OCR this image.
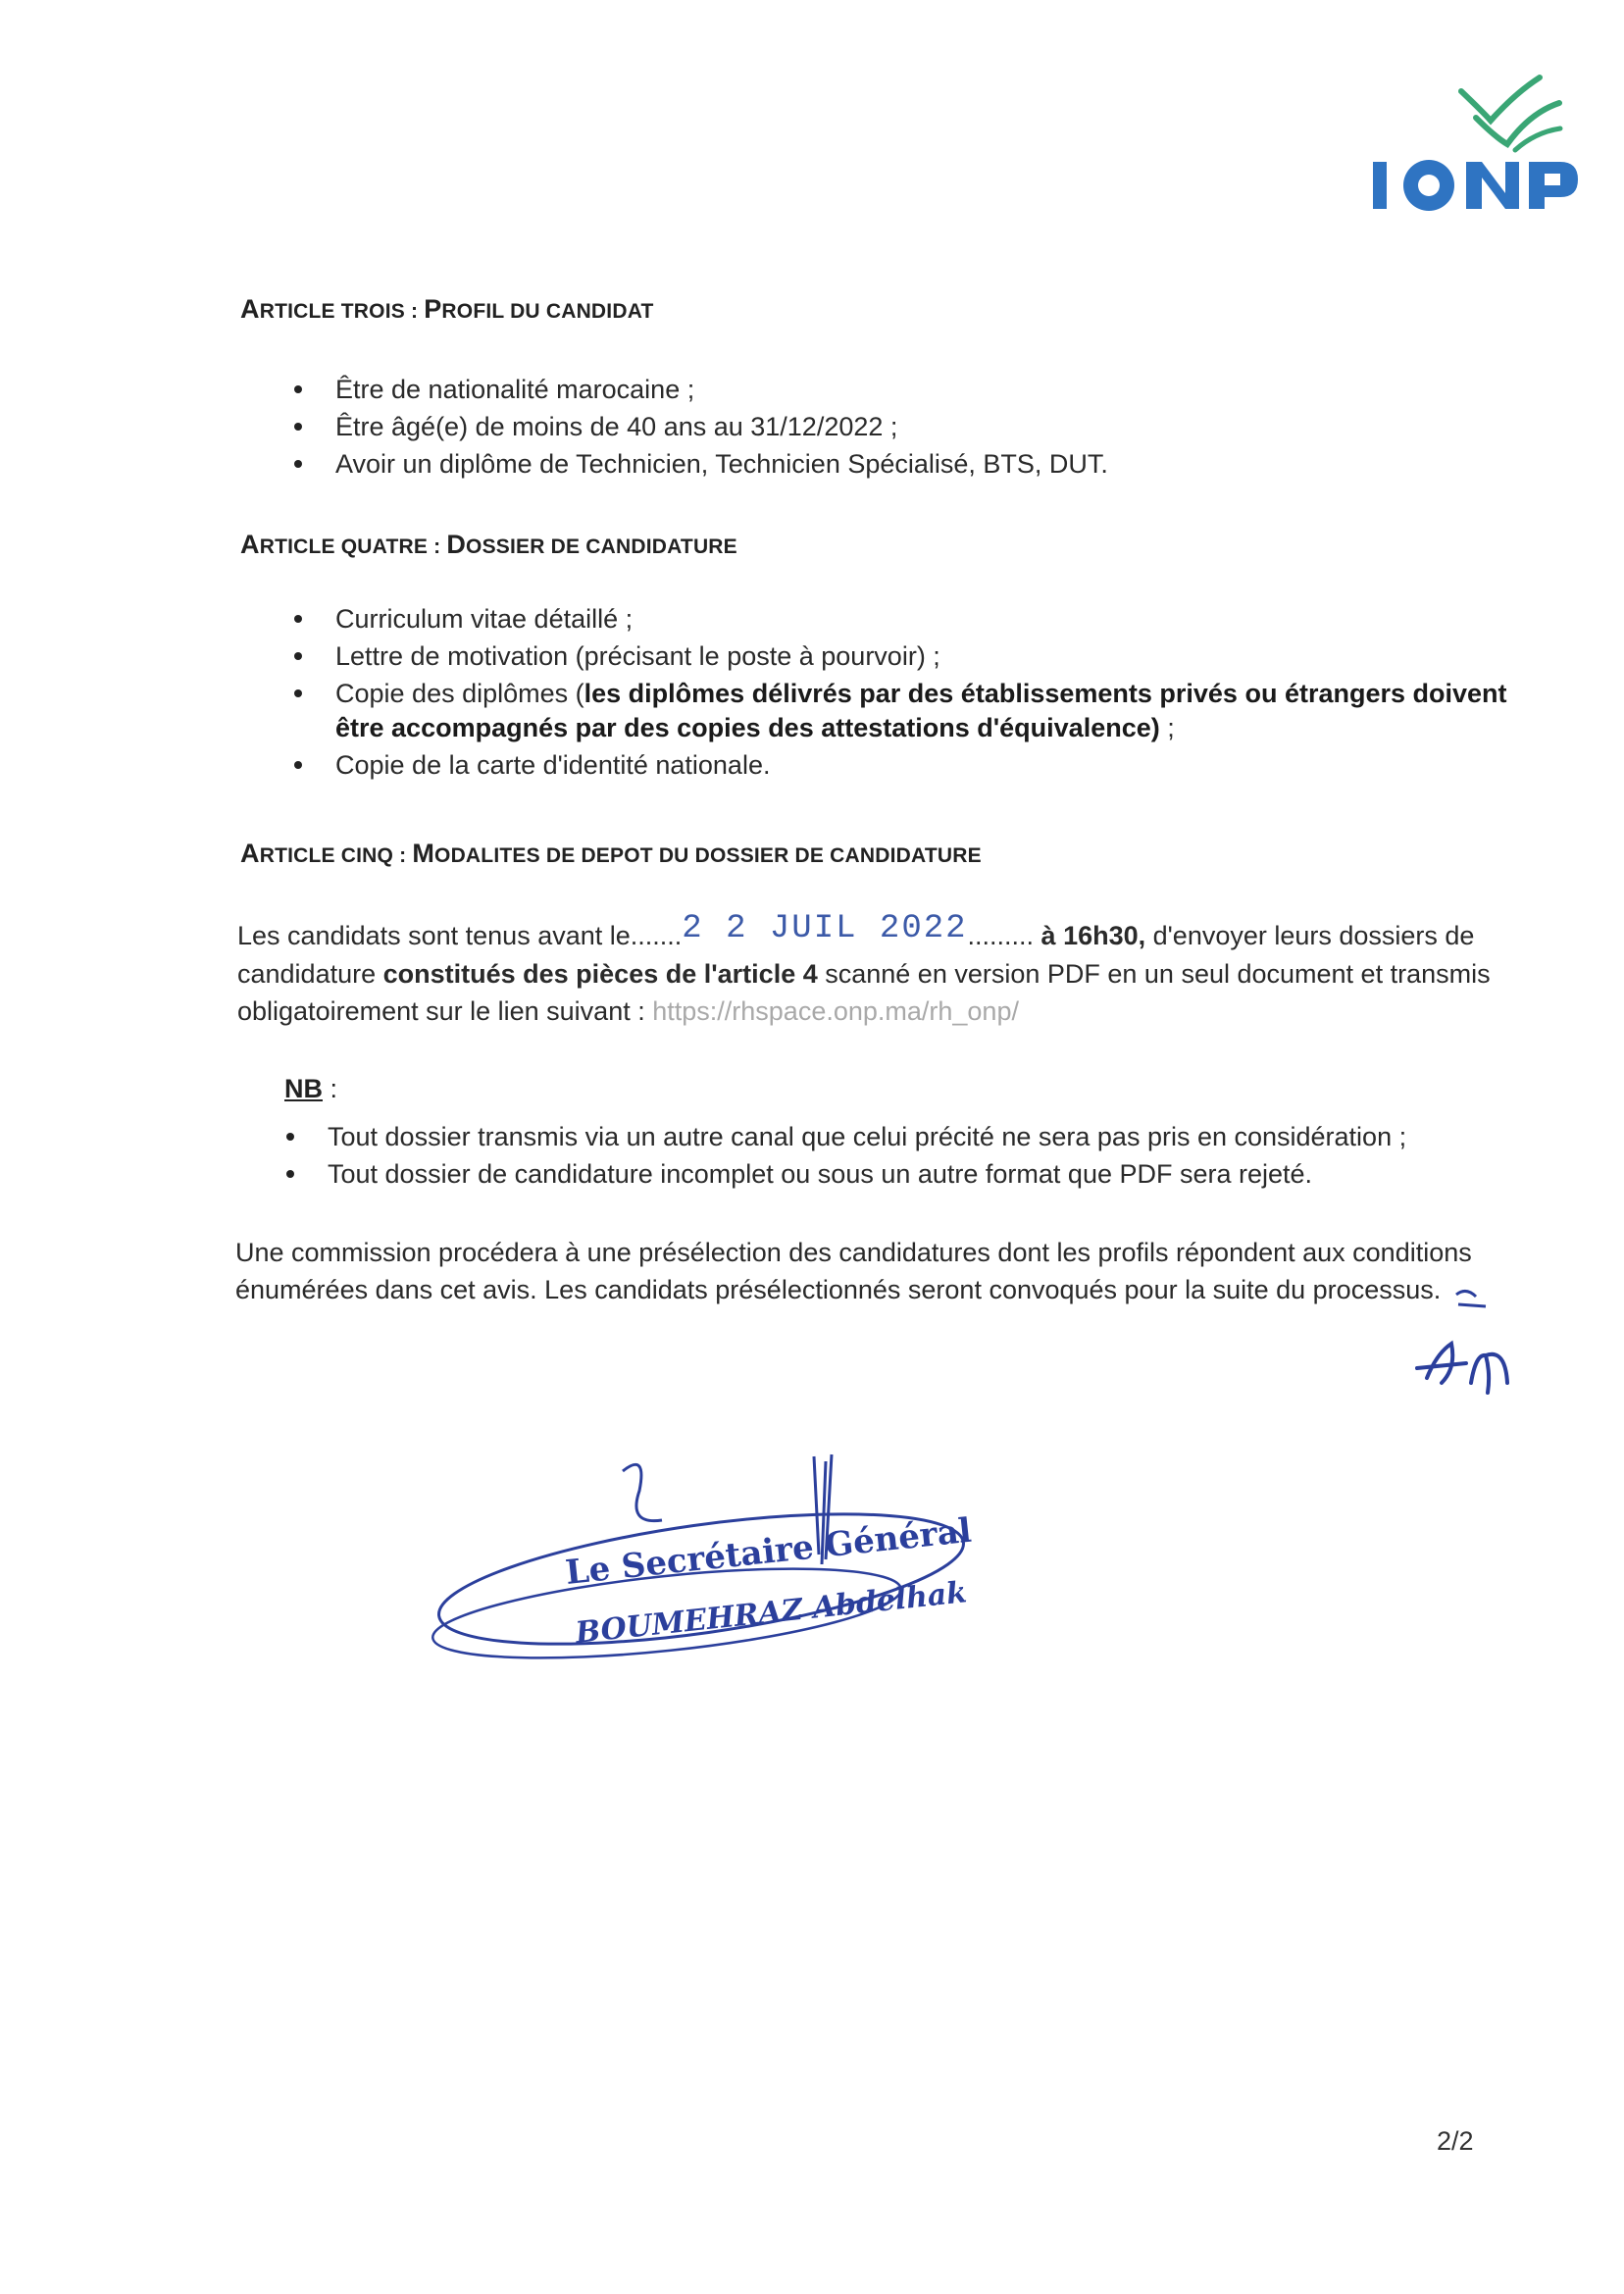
ARTICLE TROIS : PROFIL DU CANDIDAT
Être de nationalité marocaine ;
Être âgé(e) de moins de 40 ans au 31/12/2022 ;
Avoir un diplôme de Technicien, Technicien Spécialisé, BTS, DUT.
ARTICLE QUATRE : DOSSIER DE CANDIDATURE
Curriculum vitae détaillé ;
Lettre de motivation (précisant le poste à pourvoir) ;
Copie des diplômes (les diplômes délivrés par des établissements privés ou étrangers doivent
être accompagnés par des copies des attestations d'équivalence) ;
Copie de la carte d'identité nationale.
ARTICLE CINQ : MODALITES DE DEPOT DU DOSSIER DE CANDIDATURE
Les candidats sont tenus avant le.......2 2 JUIL 2022......... à 16h30, d'envoyer leurs dossiers de
candidature constitués des pièces de l'article 4 scanné en version PDF en un seul document et transmis
obligatoirement sur le lien suivant : https://rhspace.onp.ma/rh_onp/
NB :
Tout dossier transmis via un autre canal que celui précité ne sera pas pris en considération ;
Tout dossier de candidature incomplet ou sous un autre format que PDF sera rejeté.
Une commission procédera à une présélection des candidatures dont les profils répondent aux conditions
énumérées dans cet avis. Les candidats présélectionnés seront convoqués pour la suite du processus.
Le Secrétaire Général
BOUMEHRAZ Abdelhak
2/2
